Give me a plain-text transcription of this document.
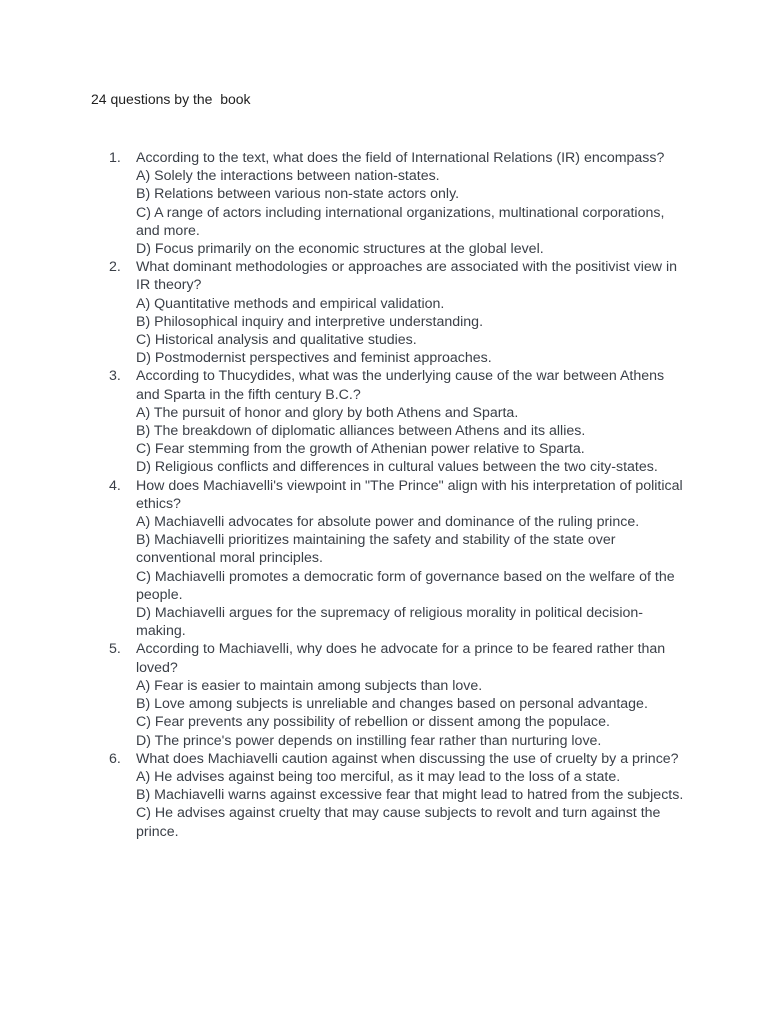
24 questions by the  book
1. According to the text, what does the field of International Relations (IR) encompass?
A) Solely the interactions between nation-states.
B) Relations between various non-state actors only.
C) A range of actors including international organizations, multinational corporations, and more.
D) Focus primarily on the economic structures at the global level.
2. What dominant methodologies or approaches are associated with the positivist view in IR theory?
A) Quantitative methods and empirical validation.
B) Philosophical inquiry and interpretive understanding.
C) Historical analysis and qualitative studies.
D) Postmodernist perspectives and feminist approaches.
3. According to Thucydides, what was the underlying cause of the war between Athens and Sparta in the fifth century B.C.?
A) The pursuit of honor and glory by both Athens and Sparta.
B) The breakdown of diplomatic alliances between Athens and its allies.
C) Fear stemming from the growth of Athenian power relative to Sparta.
D) Religious conflicts and differences in cultural values between the two city-states.
4. How does Machiavelli's viewpoint in "The Prince" align with his interpretation of political ethics?
A) Machiavelli advocates for absolute power and dominance of the ruling prince.
B) Machiavelli prioritizes maintaining the safety and stability of the state over conventional moral principles.
C) Machiavelli promotes a democratic form of governance based on the welfare of the people.
D) Machiavelli argues for the supremacy of religious morality in political decision-making.
5. According to Machiavelli, why does he advocate for a prince to be feared rather than loved?
A) Fear is easier to maintain among subjects than love.
B) Love among subjects is unreliable and changes based on personal advantage.
C) Fear prevents any possibility of rebellion or dissent among the populace.
D) The prince's power depends on instilling fear rather than nurturing love.
6. What does Machiavelli caution against when discussing the use of cruelty by a prince?
A) He advises against being too merciful, as it may lead to the loss of a state.
B) Machiavelli warns against excessive fear that might lead to hatred from the subjects.
C) He advises against cruelty that may cause subjects to revolt and turn against the prince.
